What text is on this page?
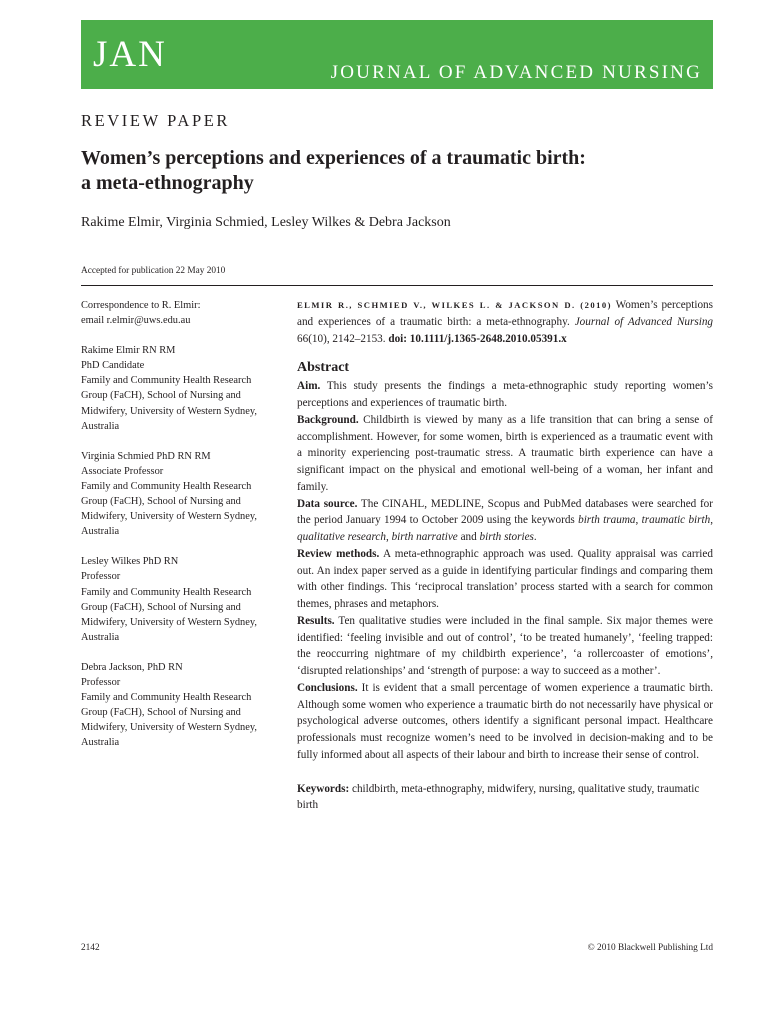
JAN	JOURNAL OF ADVANCED NURSING
REVIEW PAPER
Women’s perceptions and experiences of a traumatic birth:
a meta-ethnography
Rakime Elmir, Virginia Schmied, Lesley Wilkes & Debra Jackson
Accepted for publication 22 May 2010
Correspondence to R. Elmir:
email r.elmir@uws.edu.au
Rakime Elmir RN RM
PhD Candidate
Family and Community Health Research
Group (FaCH), School of Nursing and
Midwifery, University of Western Sydney,
Australia
Virginia Schmied PhD RN RM
Associate Professor
Family and Community Health Research
Group (FaCH), School of Nursing and
Midwifery, University of Western Sydney,
Australia
Lesley Wilkes PhD RN
Professor
Family and Community Health Research
Group (FaCH), School of Nursing and
Midwifery, University of Western Sydney,
Australia
Debra Jackson, PhD RN
Professor
Family and Community Health Research
Group (FaCH), School of Nursing and
Midwifery, University of Western Sydney,
Australia

ELMIR R., SCHMIED V., WILKES L. & JACKSON D. (2010) Women’s perceptions and experiences of a traumatic birth: a meta-ethnography. Journal of Advanced Nursing 66(10), 2142–2153. doi: 10.1111/j.1365-2648.2010.05391.x

Abstract

Aim. This study presents the findings a meta-ethnographic study reporting women’s perceptions and experiences of traumatic birth.

Background. Childbirth is viewed by many as a life transition that can bring a sense of accomplishment. However, for some women, birth is experienced as a traumatic event with a minority experiencing post-traumatic stress. A traumatic birth experience can have a significant impact on the physical and emotional well-being of a woman, her infant and family.

Data source. The CINAHL, MEDLINE, Scopus and PubMed databases were searched for the period January 1994 to October 2009 using the keywords birth trauma, traumatic birth, qualitative research, birth narrative and birth stories.

Review methods. A meta-ethnographic approach was used. Quality appraisal was carried out. An index paper served as a guide in identifying particular findings and comparing them with other findings. This ‘reciprocal translation’ process started with a search for common themes, phrases and metaphors.

Results. Ten qualitative studies were included in the final sample. Six major themes were identified: ‘feeling invisible and out of control’, ‘to be treated humanely’, ‘feeling trapped: the reoccurring nightmare of my childbirth experience’, ‘a rollercoaster of emotions’, ‘disrupted relationships’ and ‘strength of purpose: a way to succeed as a mother’.

Conclusions. It is evident that a small percentage of women experience a traumatic birth. Although some women who experience a traumatic birth do not necessarily have physical or psychological adverse outcomes, others identify a significant personal impact. Healthcare professionals must recognize women’s need to be involved in decision-making and to be fully informed about all aspects of their labour and birth to increase their sense of control.

Keywords: childbirth, meta-ethnography, midwifery, nursing, qualitative study, traumatic birth

2142	© 2010 Blackwell Publishing Ltd
